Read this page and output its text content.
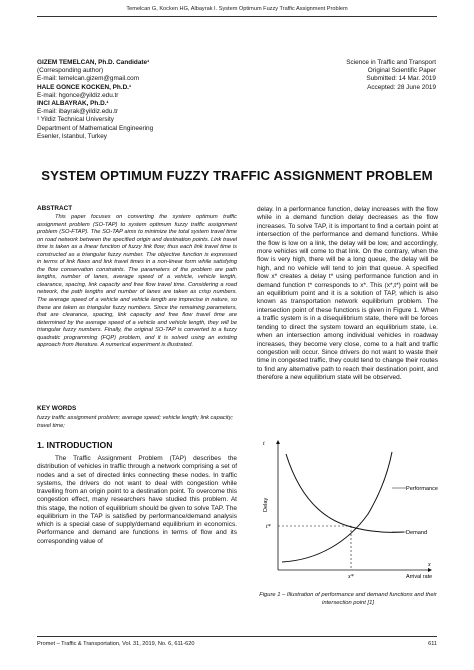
Temelcan G, Kocken HG, Albayrak I. System Optimum Fuzzy Traffic Assignment Problem
GIZEM TEMELCAN, Ph.D. Candidate¹
(Corresponding author)
E-mail: temelcan.gizem@gmail.com
HALE GONCE KOCKEN, Ph.D.¹
E-mail: hgonce@yildiz.edu.tr
INCI ALBAYRAK, Ph.D.¹
E-mail: ibayrak@yildiz.edu.tr
¹ Yildiz Technical University
Department of Mathematical Engineering
Esenler, Istanbul, Turkey
Science in Traffic and Transport
Original Scientific Paper
Submitted: 14 Mar. 2019
Accepted: 28 June 2019
SYSTEM OPTIMUM FUZZY TRAFFIC ASSIGNMENT PROBLEM
ABSTRACT

This paper focuses on converting the system optimum traffic assignment problem (SO-TAP) to system optimum fuzzy traffic assignment problem (SO-FTAP). The SO-TAP aims to minimize the total system travel time on road network between the specified origin and destination points. Link travel time is taken as a linear function of fuzzy link flow; thus each link travel time is constructed as a triangular fuzzy number. The objective function is expressed in terms of link flows and link travel times in a non-linear form while satisfying the flow conservation constraints. The parameters of the problem are path lengths, number of lanes, average speed of a vehicle, vehicle length, clearance, spacing, link capacity and free flow travel time. Considering a road network, the path lengths and number of lanes are taken as crisp numbers. The average speed of a vehicle and vehicle length are imprecise in nature, so these are taken as triangular fuzzy numbers. Since the remaining parameters, that are clearance, spacing, link capacity and free flow travel time are determined by the average speed of a vehicle and vehicle length, they will be triangular fuzzy numbers. Finally, the original SO-TAP is converted to a fuzzy quadratic programming (FQP) problem, and it is solved using an existing approach from literature. A numerical experiment is illustrated.

KEY WORDS
fuzzy traffic assignment problem; average speed; vehicle length; link capacity; travel time;
1. INTRODUCTION

The Traffic Assignment Problem (TAP) describes the distribution of vehicles in traffic through a network comprising a set of nodes and a set of directed links connecting these nodes. In traffic systems, the drivers do not want to deal with congestion while travelling from an origin point to a destination point. To overcome this congestion effect, many researchers have studied this problem. At this stage, the notion of equilibrium should be given to solve TAP. The equilibrium in the TAP is satisfied by performance/demand analysis which is a special case of supply/demand equilibrium in economics. Performance and demand are functions in terms of flow and its corresponding value of

delay. In a performance function, delay increases with the flow while in a demand function delay decreases as the flow increases. To solve TAP, it is important to find a certain point at intersection of the performance and demand functions. While the flow is low on a link, the delay will be low, and accordingly, more vehicles will come to that link. On the contrary, when the flow is very high, there will be a long queue, the delay will be high, and no vehicle will tend to join that queue. A specified flow x* creates a delay t* using performance function and in demand function t* corresponds to x*. This (x*,t*) point will be an equilibrium point and it is a solution of TAP, which is also known as transportation network equilibrium problem. The intersection point of these functions is given in Figure 1. When a traffic system is in a disequilibrium state, there will be forces tending to direct the system toward an equilibrium state, i.e. when an intersection among individual vehicles in roadway increases, they become very close, come to a halt and traffic congestion will occur. Since drivers do not want to waste their time in congested traffic, they could tend to change their routes to find any alternative path to reach their destination point, and therefore a new equilibrium state will be observed.

t
Delay
t*
x*
x
Arrival rate
Performance
Demand
Figure 1 – Illustration of performance and demand functions and their intersection point [1]
Promet – Traffic & Transportation, Vol. 31, 2019, No. 6, 611-620	611
